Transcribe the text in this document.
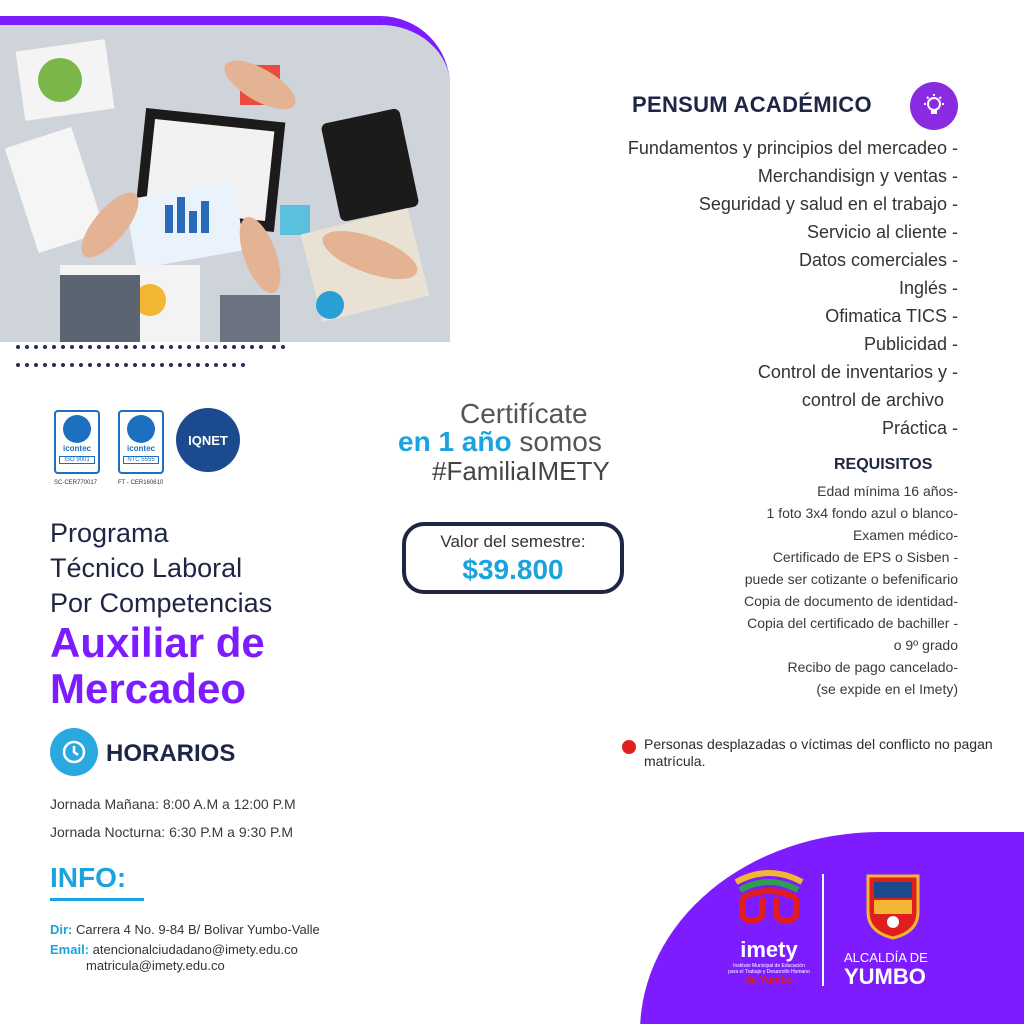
PENSUM ACADÉMICO
Fundamentos y principios del mercadeo -
Merchandisign y ventas -
Seguridad y salud en el trabajo -
Servicio al cliente -
Datos comerciales -
Inglés -
Ofimatica TICS -
Publicidad -
Control de inventarios y -
control de archivo
Práctica -
REQUISITOS
Edad mínima 16 años-
1 foto 3x4 fondo azul o blanco-
Examen médico-
Certificado de EPS o Sisben -
puede ser cotizante o befenificario
Copia de documento de identidad-
Copia del certificado de bachiller -
o 9º grado
Recibo de pago cancelado-
(se expide en el Imety)
Personas desplazadas o víctimas del conflicto no pagan matrícula.
Certifícate
en 1 año somos
#FamiliaIMETY
Valor del semestre:
$39.800
icontec
ISO 9001
SC-CER770017
icontec
NTC 5555
FT - CER160610
IQNET
Programa
Técnico Laboral
Por Competencias
Auxiliar de
Mercadeo
HORARIOS
Jornada Mañana: 8:00 A.M a 12:00 P.M
Jornada Nocturna: 6:30 P.M a 9:30 P.M
INFO:
Dir: Carrera 4 No. 9-84 B/ Bolivar Yumbo-Valle
Email: atencionalciudadano@imety.edu.co
matricula@imety.edu.co
imety
Instituto Municipal de Educación para el Trabajo y Desarrollo Humano
de Yumbo
ALCALDÍA DE
YUMBO
